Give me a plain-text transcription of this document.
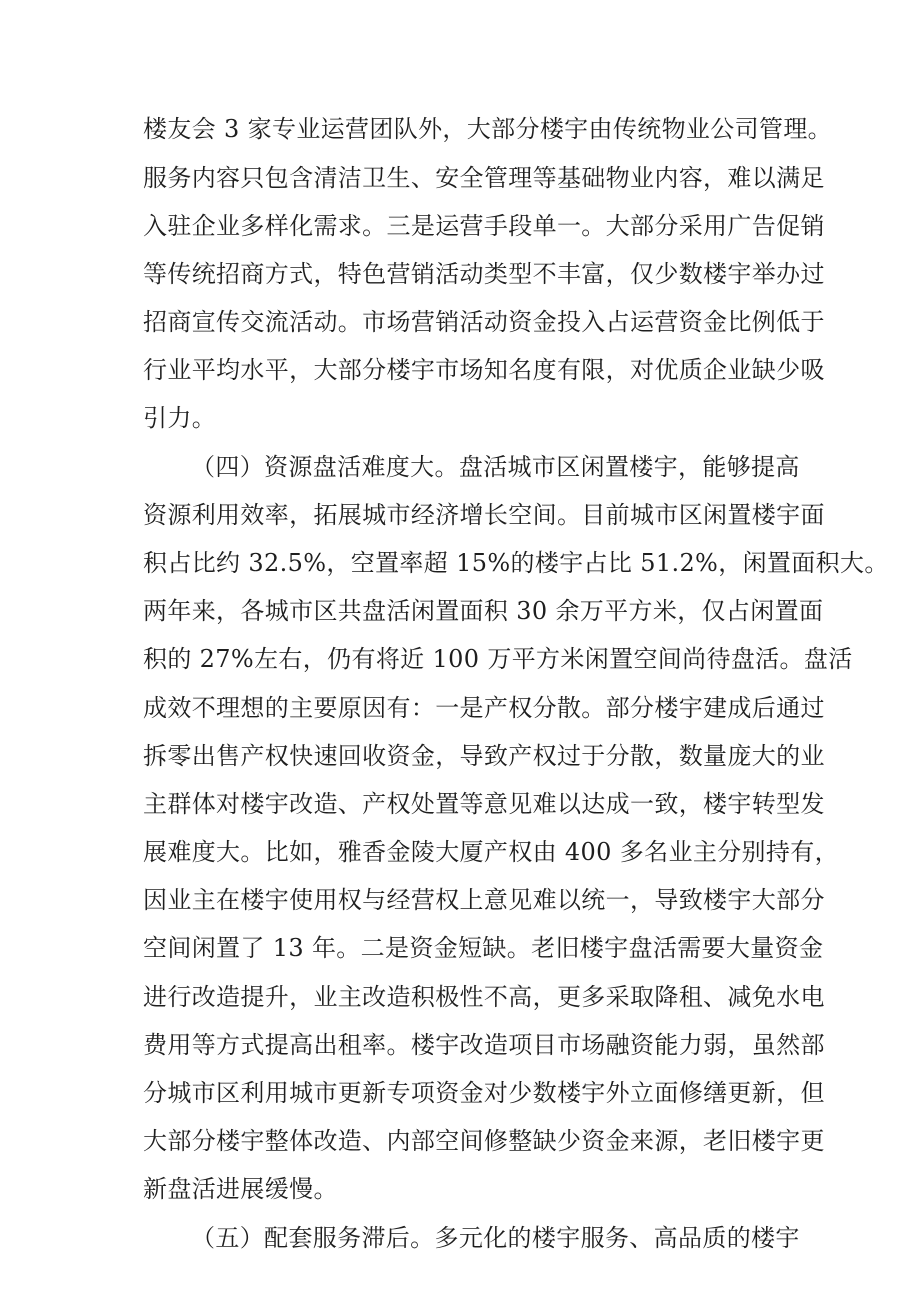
楼友会 3 家专业运营团队外，大部分楼宇由传统物业公司管理。
服务内容只包含清洁卫生、安全管理等基础物业内容，难以满足
入驻企业多样化需求。三是运营手段单一。大部分采用广告促销
等传统招商方式，特色营销活动类型不丰富，仅少数楼宇举办过
招商宣传交流活动。市场营销活动资金投入占运营资金比例低于
行业平均水平，大部分楼宇市场知名度有限，对优质企业缺少吸
引力。
（四）资源盘活难度大。盘活城市区闲置楼宇，能够提高
资源利用效率，拓展城市经济增长空间。目前城市区闲置楼宇面
积占比约 32.5%，空置率超 15%的楼宇占比 51.2%，闲置面积大。
两年来，各城市区共盘活闲置面积 30 余万平方米，仅占闲置面
积的 27%左右，仍有将近 100 万平方米闲置空间尚待盘活。盘活
成效不理想的主要原因有：一是产权分散。部分楼宇建成后通过
拆零出售产权快速回收资金，导致产权过于分散，数量庞大的业
主群体对楼宇改造、产权处置等意见难以达成一致，楼宇转型发
展难度大。比如，雅香金陵大厦产权由 400 多名业主分别持有，
因业主在楼宇使用权与经营权上意见难以统一，导致楼宇大部分
空间闲置了 13 年。二是资金短缺。老旧楼宇盘活需要大量资金
进行改造提升，业主改造积极性不高，更多采取降租、减免水电
费用等方式提高出租率。楼宇改造项目市场融资能力弱，虽然部
分城市区利用城市更新专项资金对少数楼宇外立面修缮更新，但
大部分楼宇整体改造、内部空间修整缺少资金来源，老旧楼宇更
新盘活进展缓慢。
（五）配套服务滞后。多元化的楼宇服务、高品质的楼宇
